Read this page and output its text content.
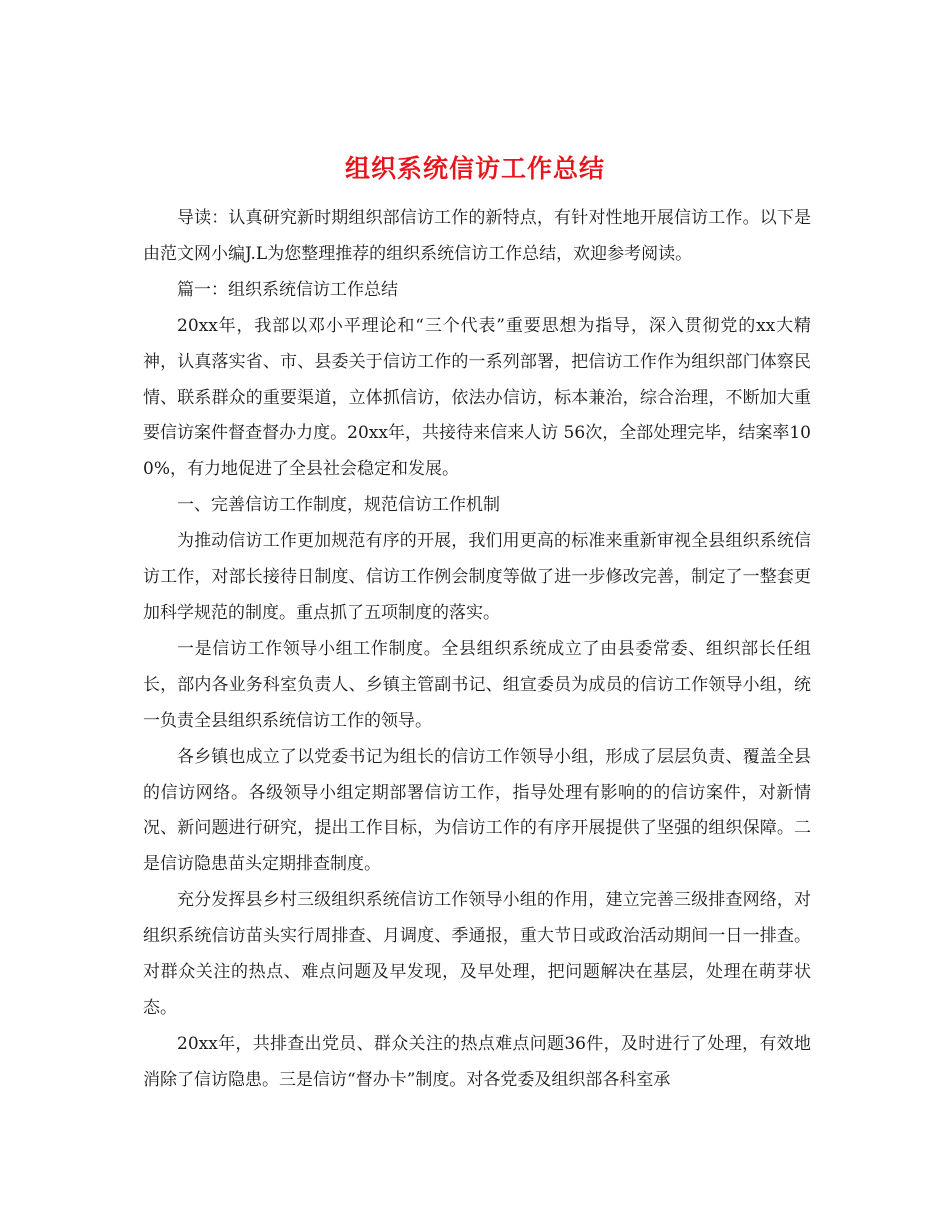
组织系统信访工作总结

导读：认真研究新时期组织部信访工作的新特点，有针对性地开展信访工作。以下是由范文网小编J.L为您整理推荐的组织系统信访工作总结，欢迎参考阅读。

篇一：组织系统信访工作总结

20xx年，我部以邓小平理论和“三个代表”重要思想为指导，深入贯彻党的xx大精神，认真落实省、市、县委关于信访工作的一系列部署，把信访工作作为组织部门体察民情、联系群众的重要渠道，立体抓信访，依法办信访，标本兼治，综合治理，不断加大重要信访案件督查督办力度。20xx年，共接待来信来人访 56次，全部处理完毕，结案率100%，有力地促进了全县社会稳定和发展。

一、完善信访工作制度，规范信访工作机制

为推动信访工作更加规范有序的开展，我们用更高的标准来重新审视全县组织系统信访工作，对部长接待日制度、信访工作例会制度等做了进一步修改完善，制定了一整套更加科学规范的制度。重点抓了五项制度的落实。

一是信访工作领导小组工作制度。全县组织系统成立了由县委常委、组织部长任组长，部内各业务科室负责人、乡镇主管副书记、组宣委员为成员的信访工作领导小组，统一负责全县组织系统信访工作的领导。

各乡镇也成立了以党委书记为组长的信访工作领导小组，形成了层层负责、覆盖全县的信访网络。各级领导小组定期部署信访工作，指导处理有影响的的信访案件，对新情况、新问题进行研究，提出工作目标，为信访工作的有序开展提供了坚强的组织保障。二是信访隐患苗头定期排查制度。

充分发挥县乡村三级组织系统信访工作领导小组的作用，建立完善三级排查网络，对组织系统信访苗头实行周排查、月调度、季通报，重大节日或政治活动期间一日一排查。对群众关注的热点、难点问题及早发现，及早处理，把问题解决在基层，处理在萌芽状态。

20xx年，共排查出党员、群众关注的热点难点问题36件，及时进行了处理，有效地消除了信访隐患。三是信访“督办卡”制度。对各党委及组织部各科室承
